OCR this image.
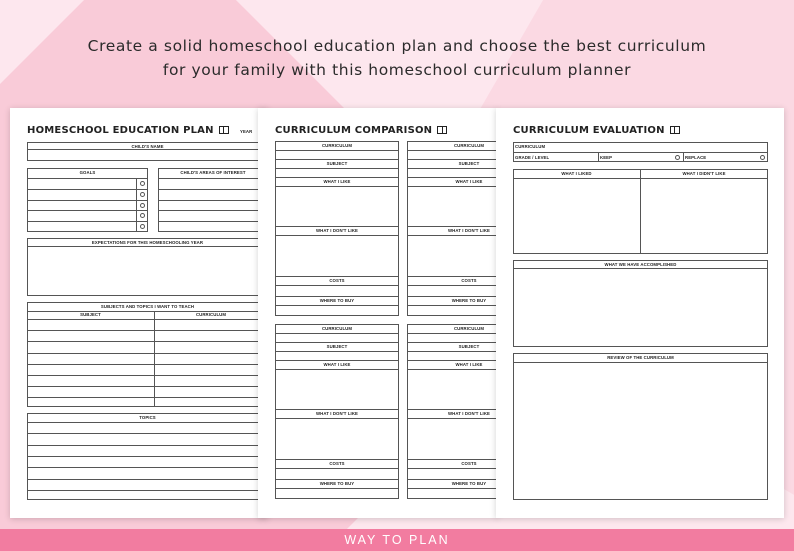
Create a solid homeschool education plan and choose the best curriculum
for your family with this homeschool curriculum planner
HOMESCHOOL EDUCATION PLAN	YEAR
CHILD'S NAME
GOALS	CHILD'S AREAS OF INTEREST
EXPECTATIONS FOR THIS HOMESCHOOLING YEAR
SUBJECTS AND TOPICS I WANT TO TEACH
SUBJECT	CURRICULUM
TOPICS
CURRICULUM COMPARISON
CURRICULUM
SUBJECT
WHAT I LIKE
WHAT I DON'T LIKE
COSTS
WHERE TO BUY
CURRICULUM
SUBJECT
WHAT I LIKE
WHAT I DON'T LIKE
COSTS
WHERE TO BUY
CURRICULUM
SUBJECT
WHAT I LIKE
WHAT I DON'T LIKE
COSTS
WHERE TO BUY
CURRICULUM
SUBJECT
WHAT I LIKE
WHAT I DON'T LIKE
COSTS
WHERE TO BUY
CURRICULUM EVALUATION
CURRICULUM
GRADE / LEVEL	KEEP	REPLACE
WHAT I LIKED	WHAT I DIDN'T LIKE
WHAT WE HAVE ACCOMPLISHED
REVIEW OF THE CURRICULUM
WAY TO PLAN
